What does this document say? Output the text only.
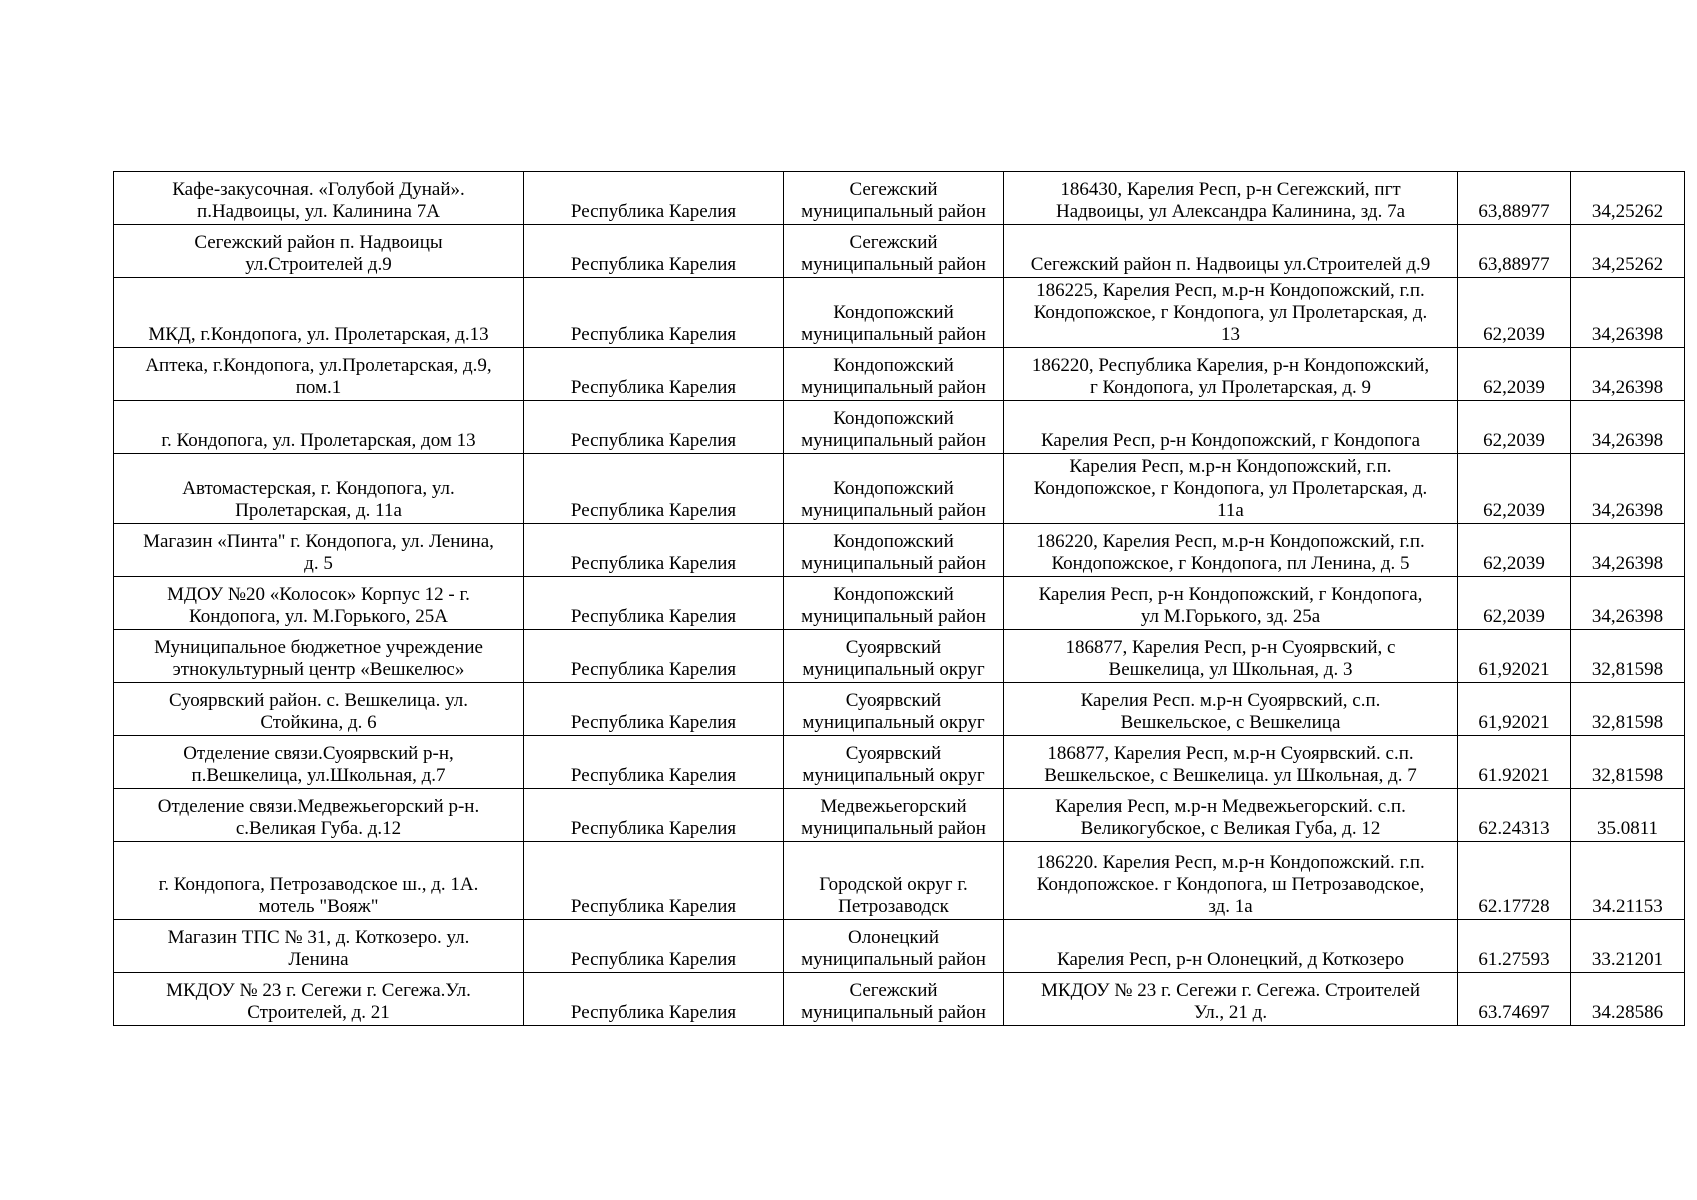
Кафе-закусочная. «Голубой Дунай».
п.Надвоицы, ул. Калинина 7А	Республика Карелия	Сегежский
муниципальный район	186430, Карелия Респ, р-н Сегежский, пгт
Надвоицы, ул Александра Калинина, зд. 7а	63,88977	34,25262
Сегежский район п. Надвоицы
ул.Строителей д.9	Республика Карелия	Сегежский
муниципальный район	Сегежский район п. Надвоицы ул.Строителей д.9	63,88977	34,25262
МКД, г.Кондопога, ул. Пролетарская, д.13	Республика Карелия	Кондопожский
муниципальный район	186225, Карелия Респ, м.р-н Кондопожский, г.п.
Кондопожское, г Кондопога, ул Пролетарская, д.
13	62,2039	34,26398
Аптека, г.Кондопога, ул.Пролетарская, д.9,
пом.1	Республика Карелия	Кондопожский
муниципальный район	186220, Республика Карелия, р-н Кондопожский,
г Кондопога, ул Пролетарская, д. 9	62,2039	34,26398
г. Кондопога, ул. Пролетарская, дом 13	Республика Карелия	Кондопожский
муниципальный район	Карелия Респ, р-н Кондопожский, г Кондопога	62,2039	34,26398
Автомастерская, г. Кондопога, ул.
Пролетарская, д. 11а	Республика Карелия	Кондопожский
муниципальный район	Карелия Респ, м.р-н Кондопожский, г.п.
Кондопожское, г Кондопога, ул Пролетарская, д.
11а	62,2039	34,26398
Магазин «Пинта" г. Кондопога, ул. Ленина,
д. 5	Республика Карелия	Кондопожский
муниципальный район	186220, Карелия Респ, м.р-н Кондопожский, г.п.
Кондопожское, г Кондопога, пл Ленина, д. 5	62,2039	34,26398
МДОУ №20 «Колосок» Корпус 12 - г.
Кондопога, ул. М.Горького, 25А	Республика Карелия	Кондопожский
муниципальный район	Карелия Респ, р-н Кондопожский, г Кондопога,
ул М.Горького, зд. 25а	62,2039	34,26398
Муниципальное бюджетное учреждение
этнокультурный центр «Вешкелюс»	Республика Карелия	Суоярвский
муниципальный округ	186877, Карелия Респ, р-н Суоярвский, с
Вешкелица, ул Школьная, д. 3	61,92021	32,81598
Суоярвский район. с. Вешкелица. ул.
Стойкина, д. 6	Республика Карелия	Суоярвский
муниципальный округ	Карелия Респ. м.р-н Суоярвский, с.п.
Вешкельское, с Вешкелица	61,92021	32,81598
Отделение связи.Суоярвский р-н,
п.Вешкелица, ул.Школьная, д.7	Республика Карелия	Суоярвский
муниципальный округ	186877, Карелия Респ, м.р-н Суоярвский. с.п.
Вешкельское, с Вешкелица. ул Школьная, д. 7	61.92021	32,81598
Отделение связи.Медвежьегорский р-н.
с.Великая Губа. д.12	Республика Карелия	Медвежьегорский
муниципальный район	Карелия Респ, м.р-н Медвежьегорский. с.п.
Великогубское, с Великая Губа, д. 12	62.24313	35.0811
г. Кондопога, Петрозаводское ш., д. 1А.
мотель "Вояж"	Республика Карелия	Городской округ г.
Петрозаводск	186220. Карелия Респ, м.р-н Кондопожский. г.п.
Кондопожское. г Кондопога, ш Петрозаводское,
зд. 1а	62.17728	34.21153
Магазин ТПС № 31, д. Коткозеро. ул.
Ленина	Республика Карелия	Олонецкий
муниципальный район	Карелия Респ, р-н Олонецкий, д Коткозеро	61.27593	33.21201
МКДОУ № 23 г. Сегежи г. Сегежа.Ул.
Строителей, д. 21	Республика Карелия	Сегежский
муниципальный район	МКДОУ № 23 г. Сегежи г. Сегежа. Строителей
Ул., 21 д.	63.74697	34.28586
